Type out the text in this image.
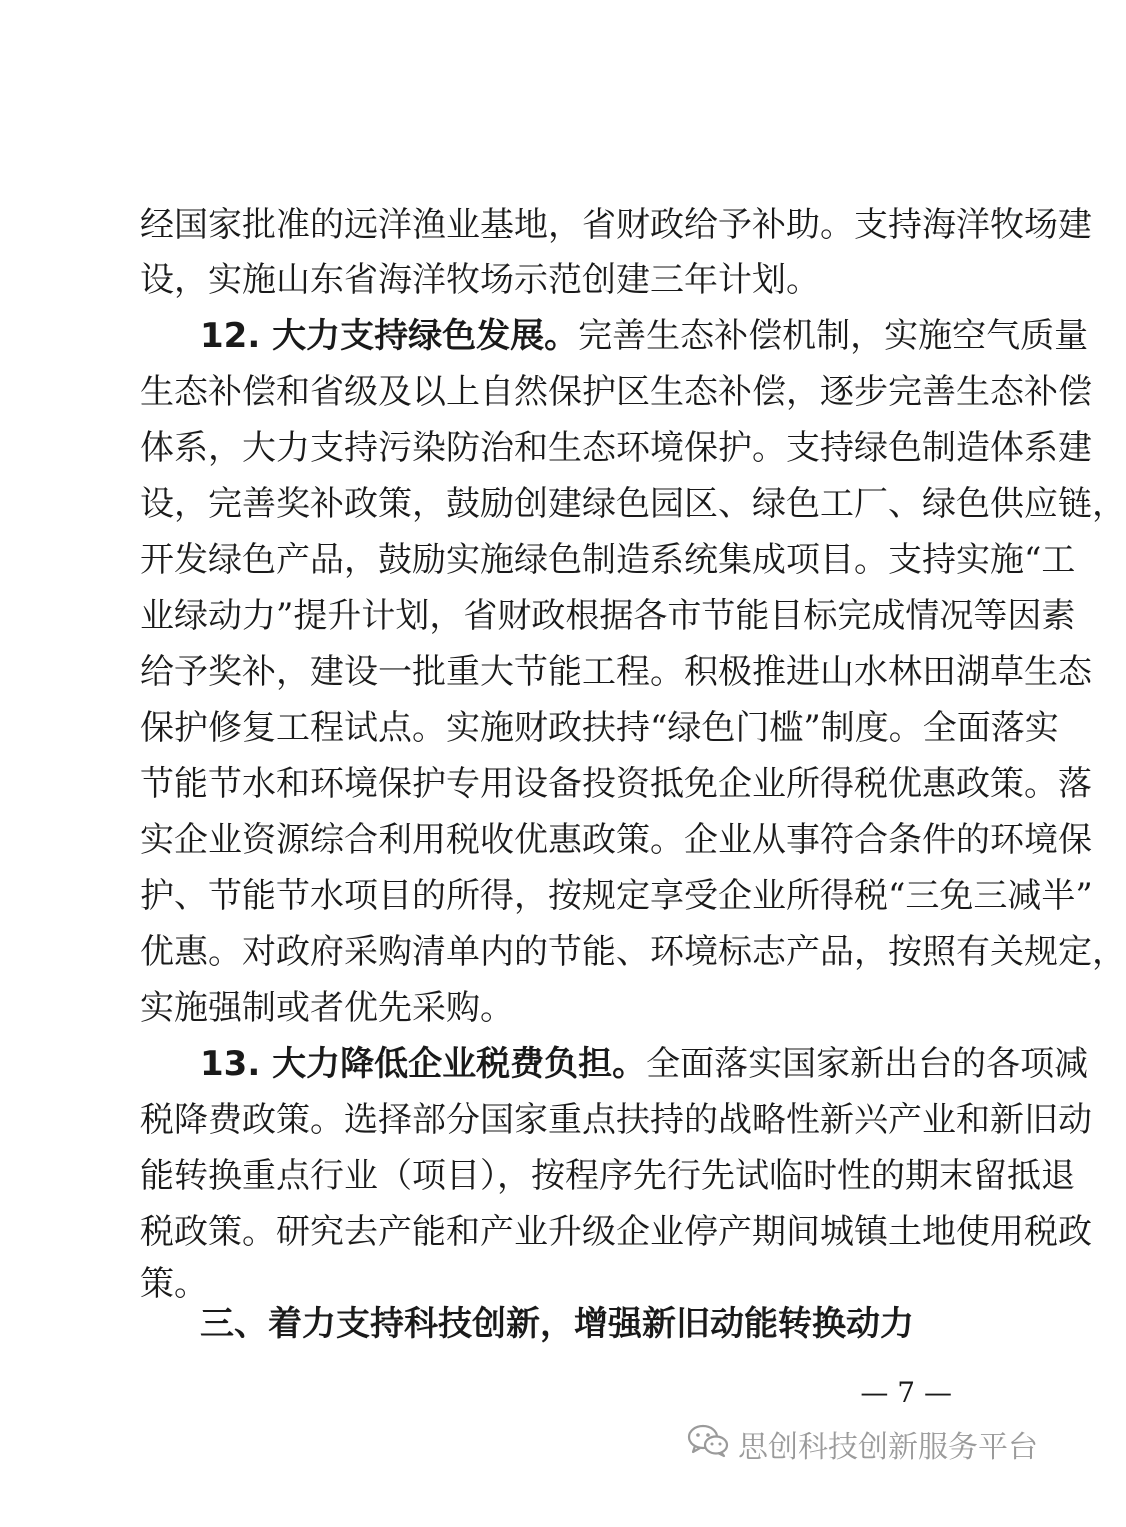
经国家批准的远洋渔业基地，省财政给予补助。支持海洋牧场建
设，实施山东省海洋牧场示范创建三年计划。
12. 大力支持绿色发展。完善生态补偿机制，实施空气质量
生态补偿和省级及以上自然保护区生态补偿，逐步完善生态补偿
体系，大力支持污染防治和生态环境保护。支持绿色制造体系建
设，完善奖补政策，鼓励创建绿色园区、绿色工厂、绿色供应链，
开发绿色产品，鼓励实施绿色制造系统集成项目。支持实施“工
业绿动力”提升计划，省财政根据各市节能目标完成情况等因素
给予奖补，建设一批重大节能工程。积极推进山水林田湖草生态
保护修复工程试点。实施财政扶持“绿色门槛”制度。全面落实
节能节水和环境保护专用设备投资抵免企业所得税优惠政策。落
实企业资源综合利用税收优惠政策。企业从事符合条件的环境保
护、节能节水项目的所得，按规定享受企业所得税“三免三减半”
优惠。对政府采购清单内的节能、环境标志产品，按照有关规定，
实施强制或者优先采购。
13. 大力降低企业税费负担。全面落实国家新出台的各项减
税降费政策。选择部分国家重点扶持的战略性新兴产业和新旧动
能转换重点行业（项目），按程序先行先试临时性的期末留抵退
税政策。研究去产能和产业升级企业停产期间城镇土地使用税政
策。
三、着力支持科技创新，增强新旧动能转换动力
— 7 —
思创科技创新服务平台
